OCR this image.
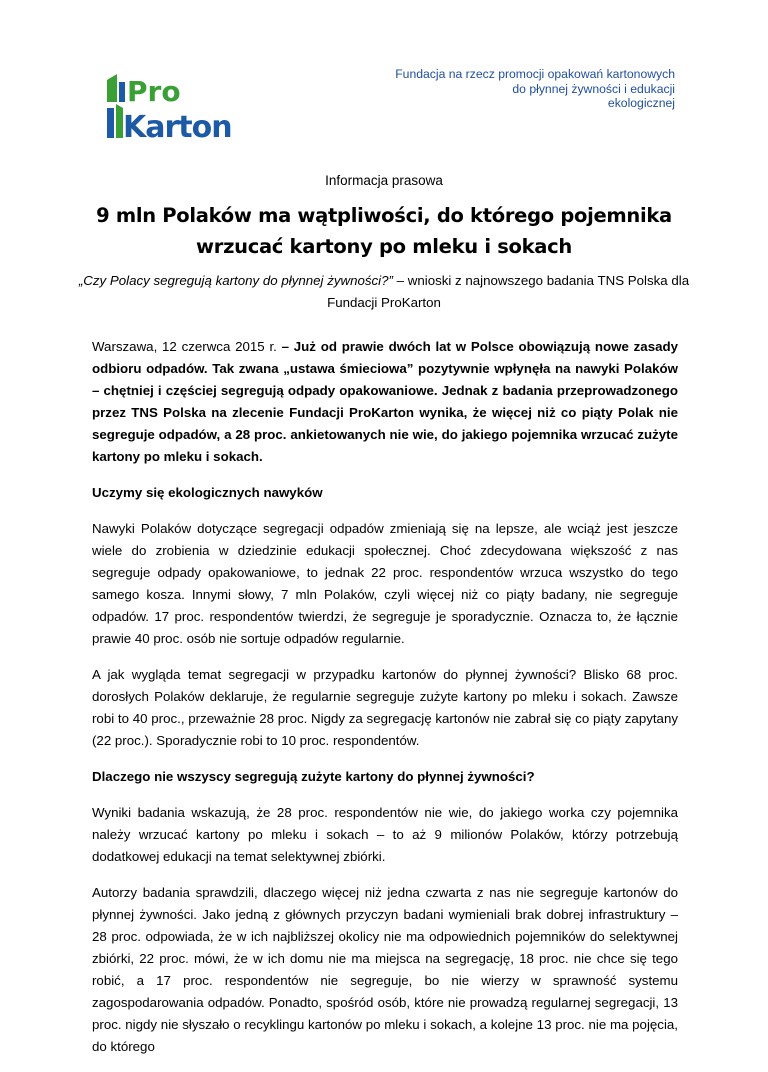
Pro
Karton
Fundacja na rzecz promocji opakowań kartonowych
do płynnej żywności i edukacji
ekologicznej
Informacja prasowa
9 mln Polaków ma wątpliwości, do którego pojemnika wrzucać kartony po mleku i sokach
„Czy Polacy segregują kartony do płynnej żywności?” – wnioski z najnowszego badania TNS Polska dla Fundacji ProKarton

Warszawa, 12 czerwca 2015 r. – Już od prawie dwóch lat w Polsce obowiązują nowe zasady odbioru odpadów. Tak zwana „ustawa śmieciowa” pozytywnie wpłynęła na nawyki Polaków – chętniej i częściej segregują odpady opakowaniowe. Jednak z badania przeprowadzonego przez TNS Polska na zlecenie Fundacji ProKarton wynika, że więcej niż co piąty Polak nie segreguje odpadów, a 28 proc. ankietowanych nie wie, do jakiego pojemnika wrzucać zużyte kartony po mleku i sokach.

Uczymy się ekologicznych nawyków

Nawyki Polaków dotyczące segregacji odpadów zmieniają się na lepsze, ale wciąż jest jeszcze wiele do zrobienia w dziedzinie edukacji społecznej. Choć zdecydowana większość z nas segreguje odpady opakowaniowe, to jednak 22 proc. respondentów wrzuca wszystko do tego samego kosza. Innymi słowy, 7 mln Polaków, czyli więcej niż co piąty badany, nie segreguje odpadów. 17 proc. respondentów twierdzi, że segreguje je sporadycznie. Oznacza to, że łącznie prawie 40 proc. osób nie sortuje odpadów regularnie.

A jak wygląda temat segregacji w przypadku kartonów do płynnej żywności? Blisko 68 proc. dorosłych Polaków deklaruje, że regularnie segreguje zużyte kartony po mleku i sokach. Zawsze robi to 40 proc., przeważnie 28 proc. Nigdy za segregację kartonów nie zabrał się co piąty zapytany (22 proc.). Sporadycznie robi to 10 proc. respondentów.

Dlaczego nie wszyscy segregują zużyte kartony do płynnej żywności?

Wyniki badania wskazują, że 28 proc. respondentów nie wie, do jakiego worka czy pojemnika należy wrzucać kartony po mleku i sokach – to aż 9 milionów Polaków, którzy potrzebują dodatkowej edukacji na temat selektywnej zbiórki.

Autorzy badania sprawdzili, dlaczego więcej niż jedna czwarta z nas nie segreguje kartonów do płynnej żywności. Jako jedną z głównych przyczyn badani wymieniali brak dobrej infrastruktury – 28 proc. odpowiada, że w ich najbliższej okolicy nie ma odpowiednich pojemników do selektywnej zbiórki, 22 proc. mówi, że w ich domu nie ma miejsca na segregację, 18 proc. nie chce się tego robić, a 17 proc. respondentów nie segreguje, bo nie wierzy w sprawność systemu zagospodarowania odpadów. Ponadto, spośród osób, które nie prowadzą regularnej segregacji, 13 proc. nigdy nie słyszało o recyklingu kartonów po mleku i sokach, a kolejne 13 proc. nie ma pojęcia, do którego
